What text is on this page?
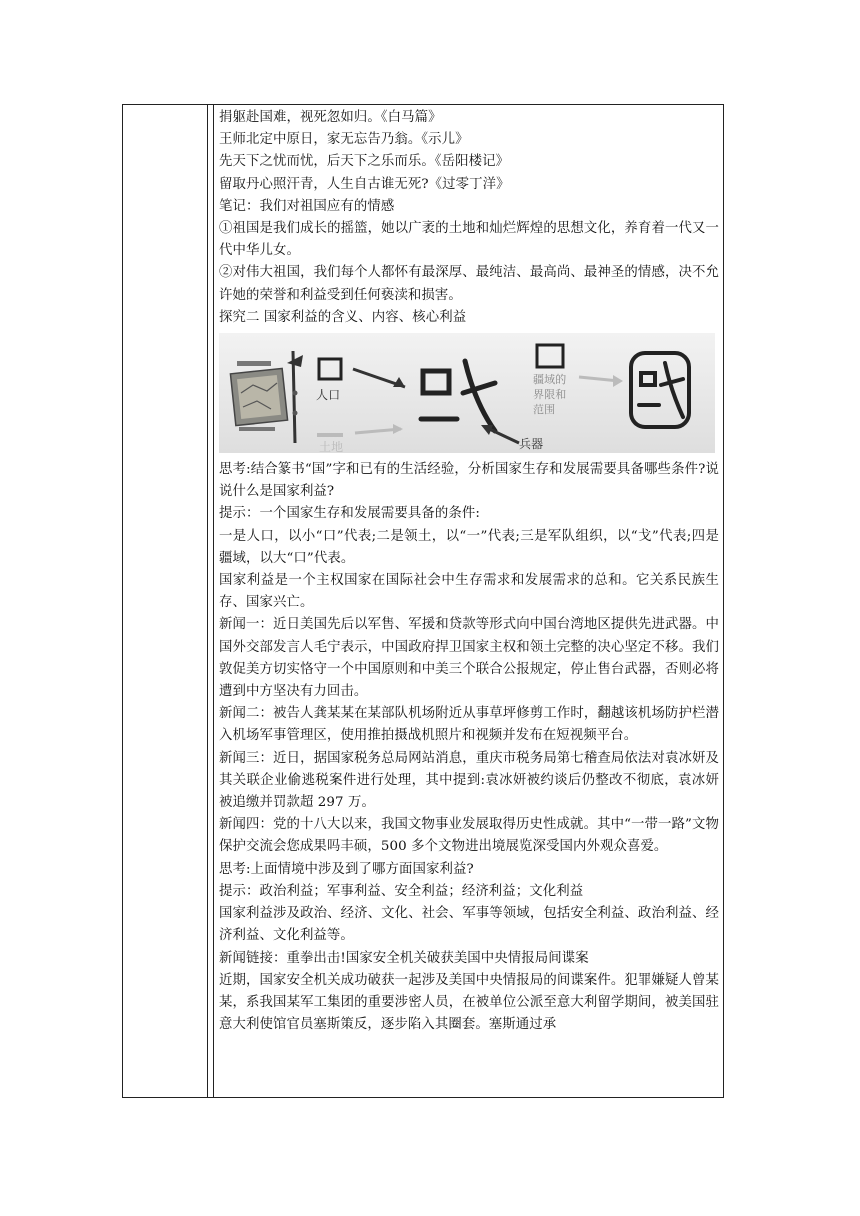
捐躯赴国难，视死忽如归。《白马篇》

王师北定中原日，家无忘告乃翁。《示儿》

先天下之忧而忧，后天下之乐而乐。《岳阳楼记》

留取丹心照汗青，人生自古谁无死?《过零丁洋》

笔记：我们对祖国应有的情感

①祖国是我们成长的摇篮，她以广袤的土地和灿烂辉煌的思想文化，养育着一代又一代中华儿女。

②对伟大祖国，我们每个人都怀有最深厚、最纯洁、最高尚、最神圣的情感，决不允许她的荣誉和利益受到任何亵渎和损害。

探究二 国家利益的含义、内容、核心利益

人口
土地	兵器
疆域的
界限和
范围

思考:结合篆书“国”字和已有的生活经验，分析国家生存和发展需要具备哪些条件?说说什么是国家利益?

提示：一个国家生存和发展需要具备的条件:

一是人口，以小“口”代表;二是领土，以“一”代表;三是军队组织，以“戈”代表;四是疆域，以大“口”代表。

国家利益是一个主权国家在国际社会中生存需求和发展需求的总和。它关系民族生存、国家兴亡。

新闻一：近日美国先后以军售、军援和贷款等形式向中国台湾地区提供先进武器。中国外交部发言人毛宁表示，中国政府捍卫国家主权和领土完整的决心坚定不移。我们敦促美方切实恪守一个中国原则和中美三个联合公报规定，停止售台武器，否则必将遭到中方坚决有力回击。

新闻二：被告人龚某某在某部队机场附近从事草坪修剪工作时，翻越该机场防护栏潜入机场军事管理区，使用推拍摄战机照片和视频并发布在短视频平台。

新闻三：近日，据国家税务总局网站消息，重庆市税务局第七稽查局依法对袁冰妍及其关联企业偷逃税案件进行处理，其中提到:袁冰妍被约谈后仍整改不彻底，袁冰妍被追缴并罚款超 297 万。

新闻四：党的十八大以来，我国文物事业发展取得历史性成就。其中“一带一路”文物保护交流会您成果吗丰硕，500 多个文物进出境展览深受国内外观众喜爱。

思考:上面情境中涉及到了哪方面国家利益?

提示：政治利益；军事利益、安全利益；经济利益；文化利益

国家利益涉及政治、经济、文化、社会、军事等领域，包括安全利益、政治利益、经济利益、文化利益等。

新闻链接：重拳出击!国家安全机关破获美国中央情报局间谍案

近期，国家安全机关成功破获一起涉及美国中央情报局的间谍案件。犯罪嫌疑人曾某某，系我国某军工集团的重要涉密人员，在被单位公派至意大利留学期间，被美国驻意大利使馆官员塞斯策反，逐步陷入其圈套。塞斯通过承
